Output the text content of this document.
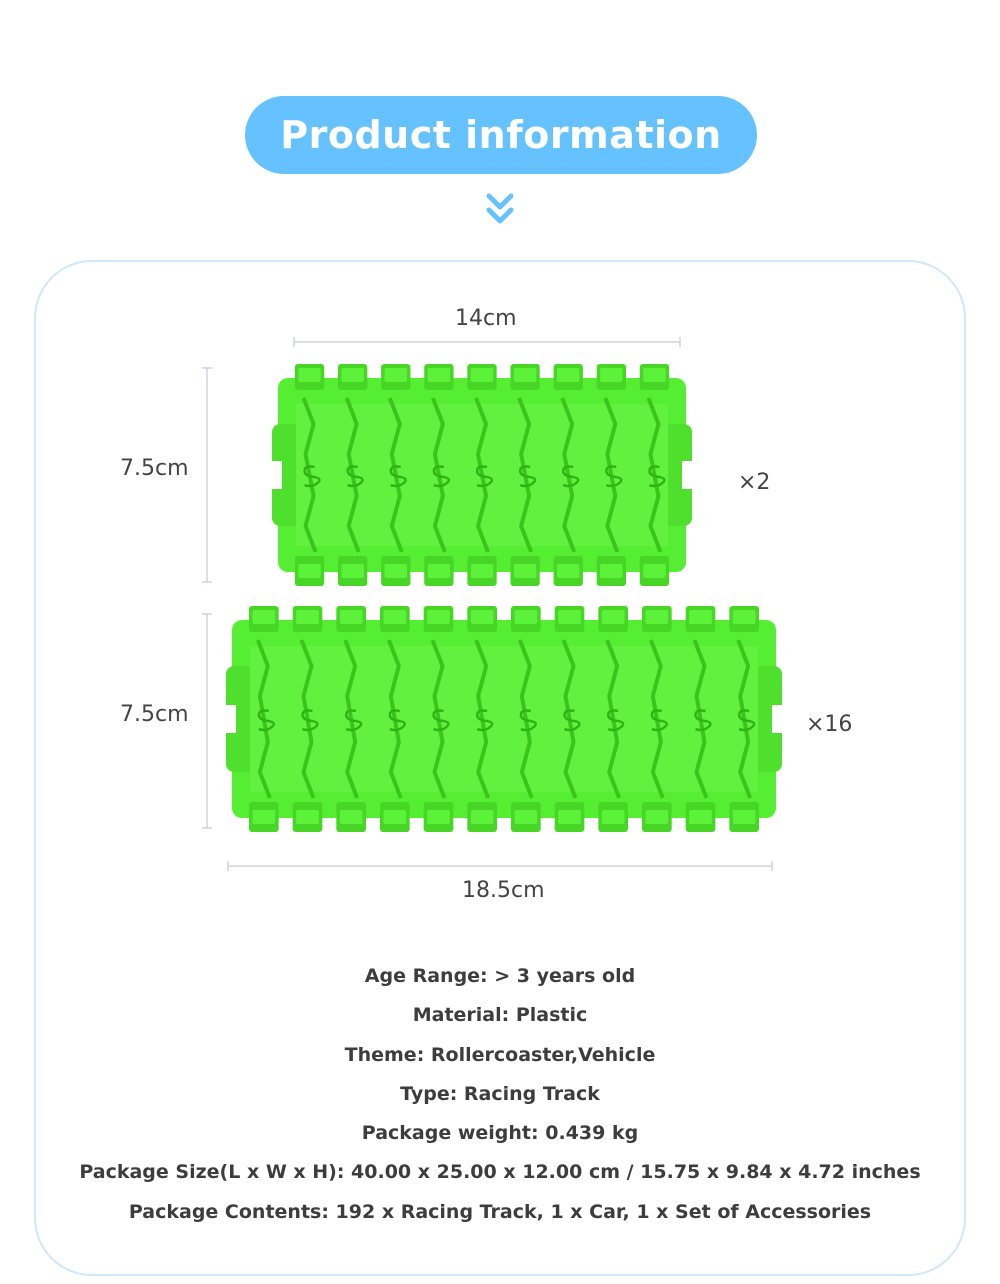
Product information
14cm
7.5cm
7.5cm
18.5cm
×2
×16
Age Range: > 3 years old
Material: Plastic
Theme: Rollercoaster,Vehicle
Type: Racing Track
Package weight: 0.439 kg
Package Size(L x W x H): 40.00 x 25.00 x 12.00 cm / 15.75 x 9.84 x 4.72 inches
Package Contents: 192 x Racing Track, 1 x Car, 1 x Set of Accessories
